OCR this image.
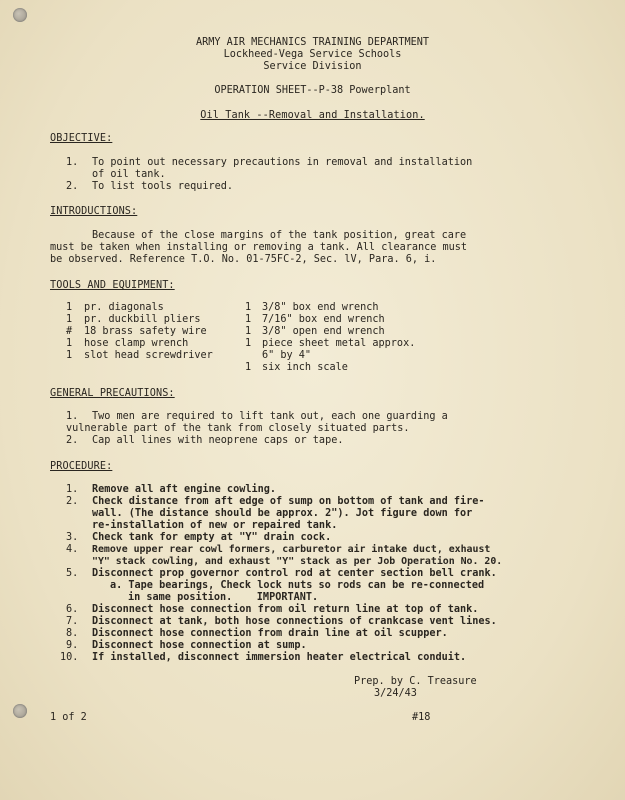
ARMY AIR MECHANICS TRAINING DEPARTMENT
Lockheed-Vega Service Schools
Service Division
OPERATION SHEET--P-38 Powerplant
Oil Tank --Removal and Installation.
OBJECTIVE:
1. To point out necessary precautions in removal and installation
of oil tank.
2. To list tools required.
INTRODUCTIONS:
Because of the close margins of the tank position, great care
must be taken when installing or removing a tank. All clearance must
be observed. Reference T.O. No. 01-75FC-2, Sec. lV, Para. 6, i.
TOOLS AND EQUIPMENT:
1 pr. diagonals
1 pr. duckbill pliers
# 18 brass safety wire
1 hose clamp wrench
1 slot head screwdriver
1 3/8" box end wrench
1 7/16" box end wrench
1 3/8" open end wrench
1 piece sheet metal approx.
6" by 4"
1 six inch scale
GENERAL PRECAUTIONS:
1. Two men are required to lift tank out, each one guarding a
vulnerable part of the tank from closely situated parts.
2. Cap all lines with neoprene caps or tape.
PROCEDURE:
1. Remove all aft engine cowling.
2. Check distance from aft edge of sump on bottom of tank and fire-
wall. (The distance should be approx. 2"). Jot figure down for
re-installation of new or repaired tank.
3. Check tank for empty at "Y" drain cock.
4. Remove upper rear cowl formers, carburetor air intake duct, exhaust
"Y" stack cowling, and exhaust "Y" stack as per Job Operation No. 20.
5. Disconnect prop governor control rod at center section bell crank.
a. Tape bearings, Check lock nuts so rods can be re-connected
in same position.    IMPORTANT.
6. Disconnect hose connection from oil return line at top of tank.
7. Disconnect at tank, both hose connections of crankcase vent lines.
8. Disconnect hose connection from drain line at oil scupper.
9. Disconnect hose connection at sump.
10. If installed, disconnect immersion heater electrical conduit.
Prep. by C. Treasure
3/24/43
1 of 2	#18
